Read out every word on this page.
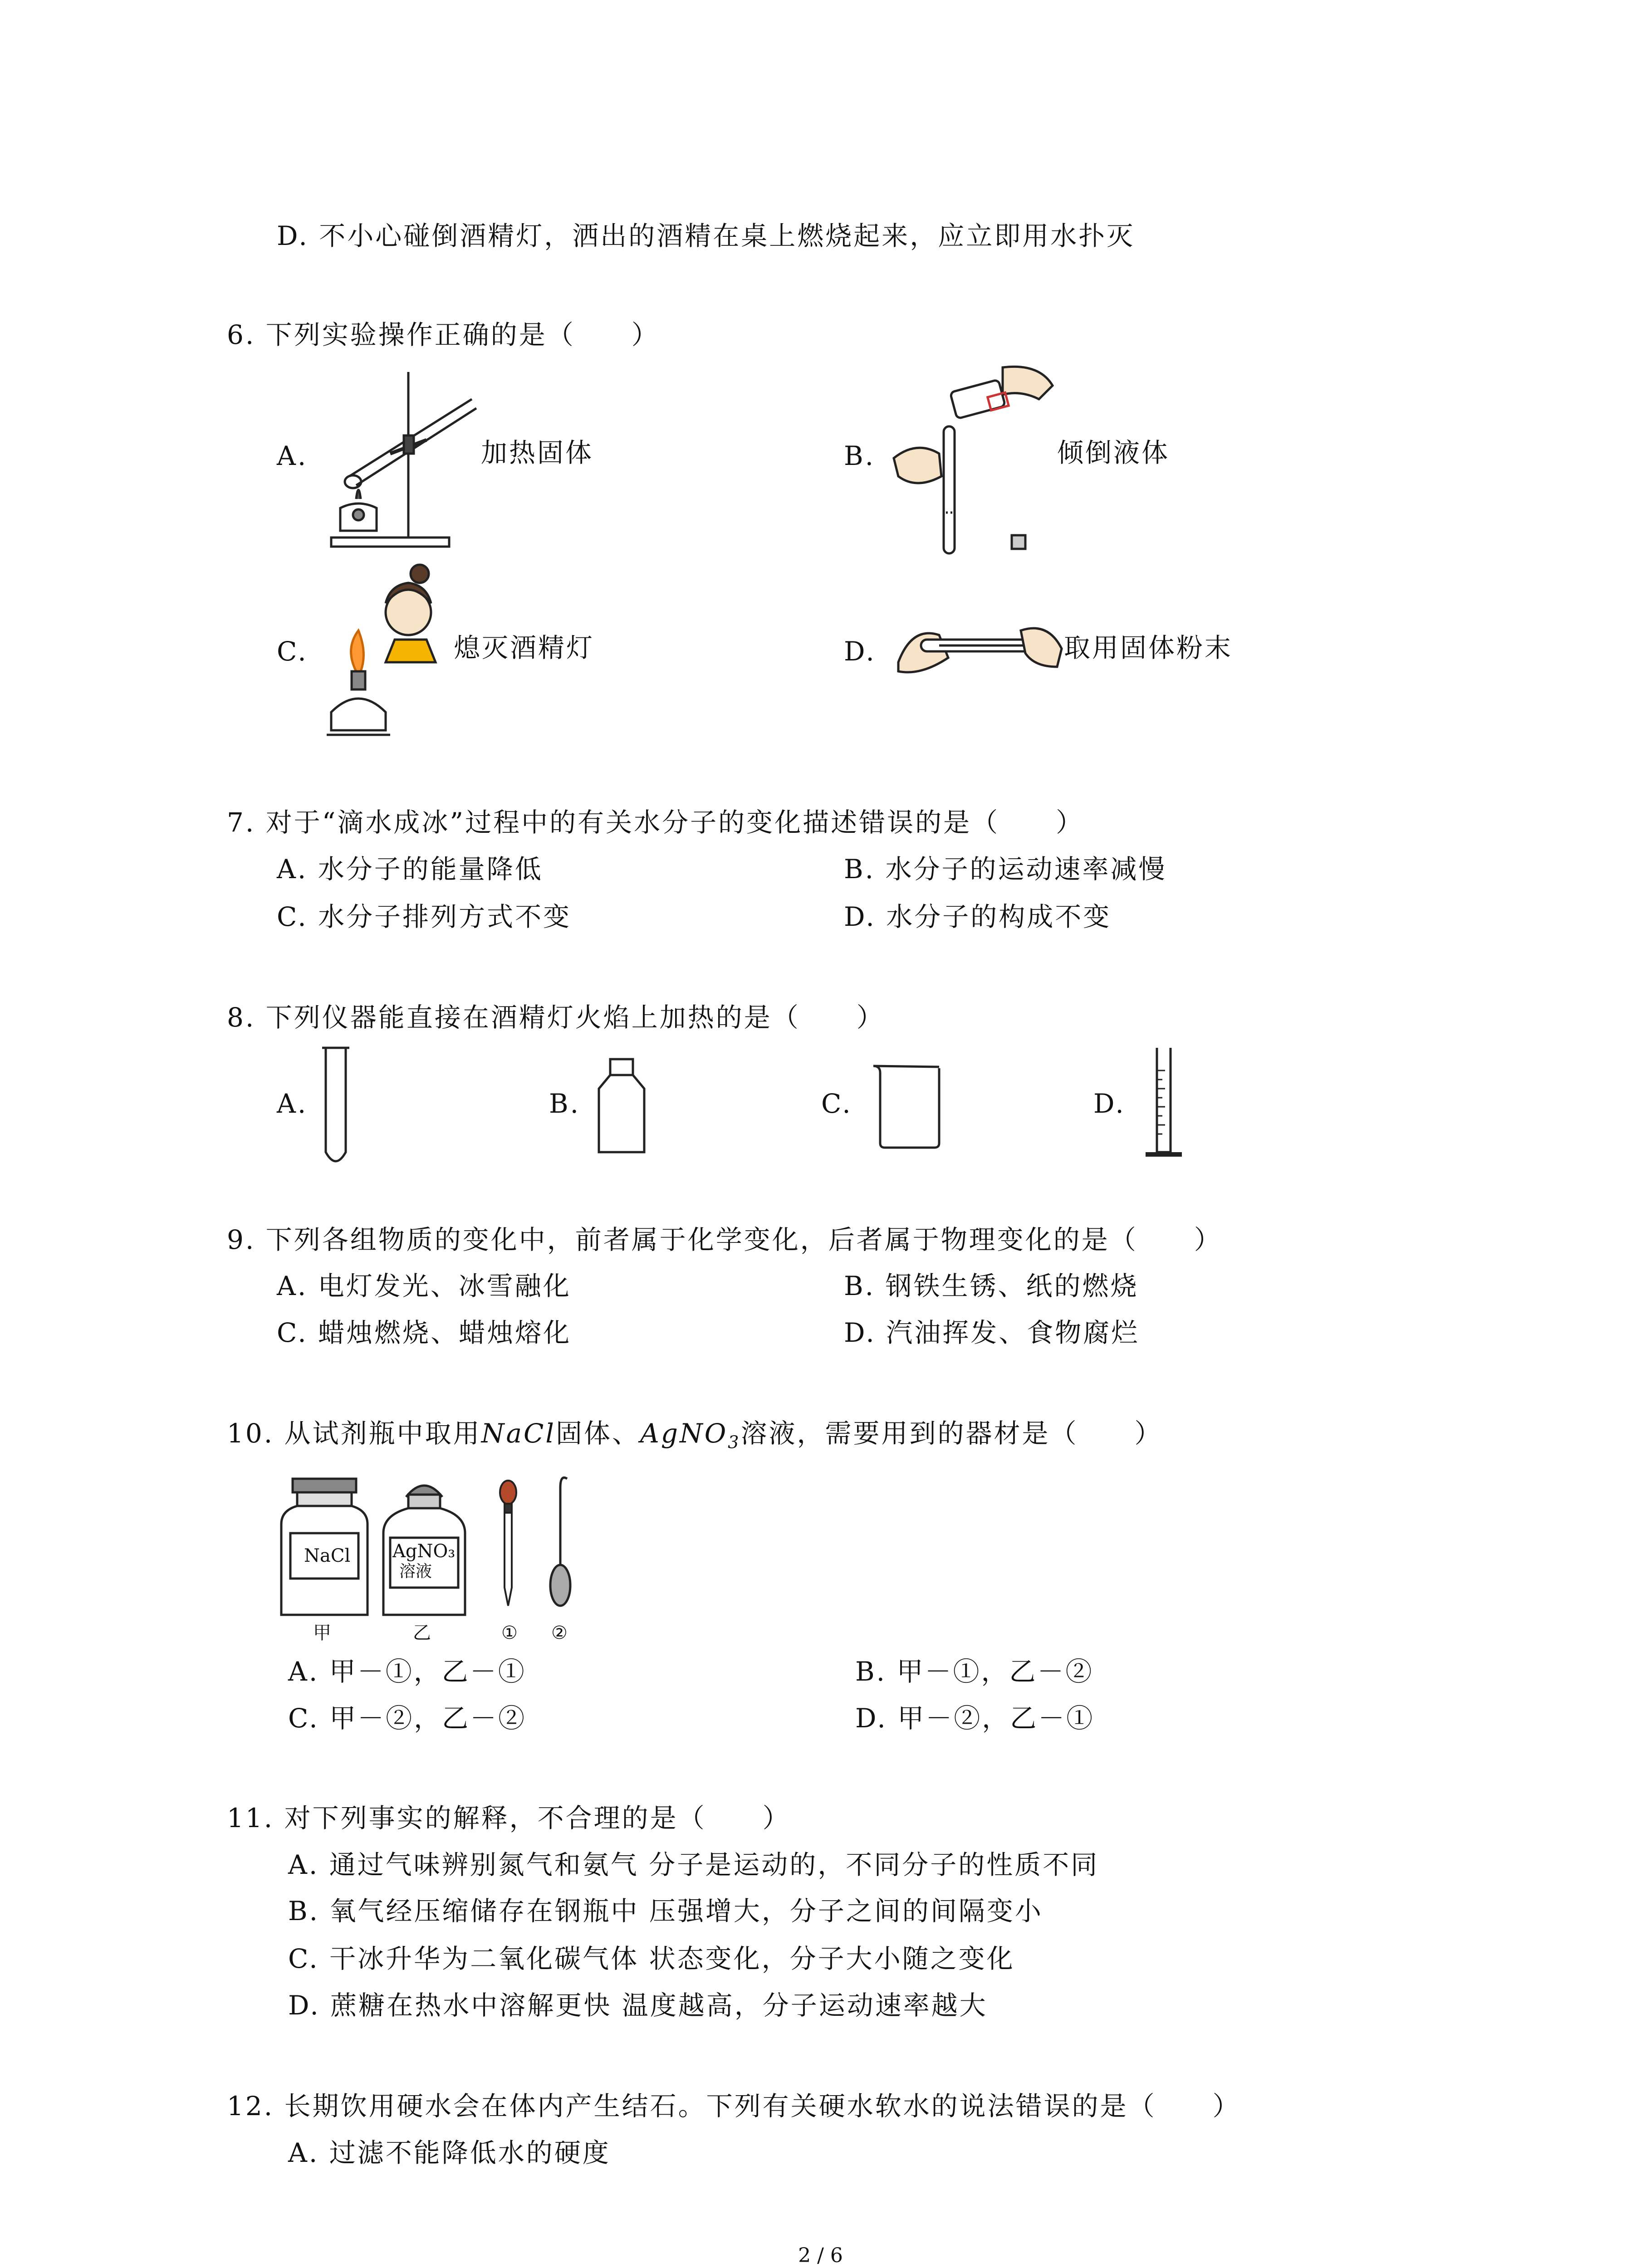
D. 不小心碰倒酒精灯，洒出的酒精在桌上燃烧起来，应立即用水扑灭
6. 下列实验操作正确的是（　　）
A.	加热固体	B.	倾倒液体
C.	熄灭酒精灯	D.	取用固体粉末
7. 对于“滴水成冰”过程中的有关水分子的变化描述错误的是（　　）
A. 水分子的能量降低	B. 水分子的运动速率减慢
C. 水分子排列方式不变	D. 水分子的构成不变
8. 下列仪器能直接在酒精灯火焰上加热的是（　　）
A.	B.	C.	D.
9. 下列各组物质的变化中，前者属于化学变化，后者属于物理变化的是（　　）
A. 电灯发光、冰雪融化	B. 钢铁生锈、纸的燃烧
C. 蜡烛燃烧、蜡烛熔化	D. 汽油挥发、食物腐烂
10. 从试剂瓶中取用NaCl固体、AgNO$_3$溶液，需要用到的器材是（　　）
NaCl AgNO₃
溶液
甲	乙	① ②
A. 甲－①，乙－①	B. 甲－①，乙－②
C. 甲－②，乙－②	D. 甲－②，乙－①
11. 对下列事实的解释，不合理的是（　　）
A. 通过气味辨别氮气和氨气 分子是运动的，不同分子的性质不同
B. 氧气经压缩储存在钢瓶中 压强增大，分子之间的间隔变小
C. 干冰升华为二氧化碳气体 状态变化，分子大小随之变化
D. 蔗糖在热水中溶解更快 温度越高，分子运动速率越大
12. 长期饮用硬水会在体内产生结石。下列有关硬水软水的说法错误的是（　　）
A. 过滤不能降低水的硬度
2 / 6
